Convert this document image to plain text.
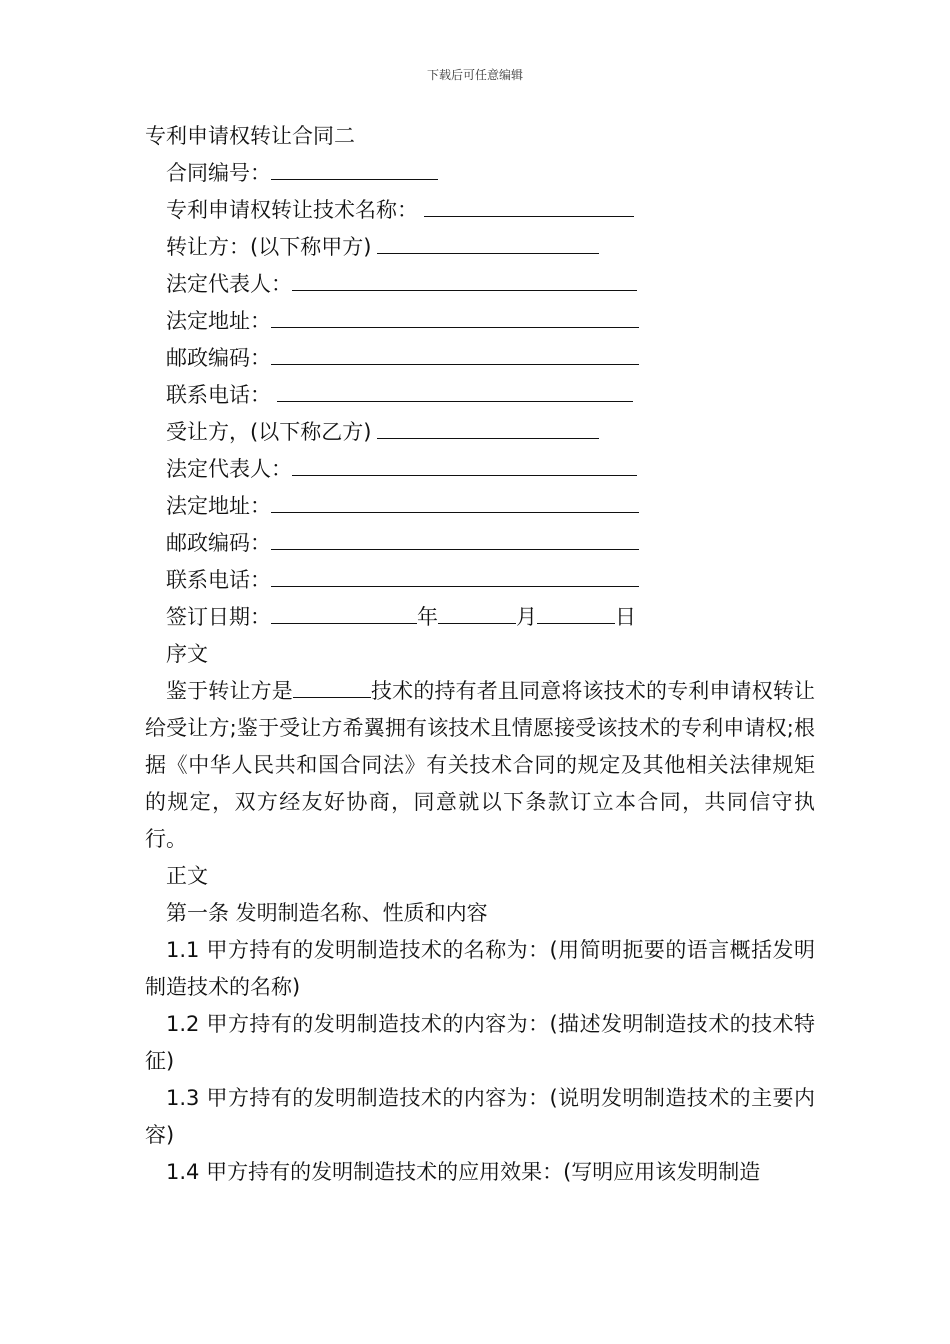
下载后可任意编辑
专利申请权转让合同二
合同编号：
专利申请权转让技术名称：
转让方：(以下称甲方)
法定代表人：
法定地址：
邮政编码：
联系电话：
受让方，(以下称乙方)
法定代表人：
法定地址：
邮政编码：
联系电话：
签订日期：	年	月	日
序文
鉴于转让方是	技术的持有者且同意将该技术的专利申请权转让给受让方;鉴于受让方希翼拥有该技术且情愿接受该技术的专利申请权;根据《中华人民共和国合同法》有关技术合同的规定及其他相关法律规矩的规定，双方经友好协商，同意就以下条款订立本合同，共同信守执行。
正文
第一条 发明制造名称、性质和内容
1.1 甲方持有的发明制造技术的名称为：(用简明扼要的语言概括发明制造技术的名称)
1.2 甲方持有的发明制造技术的内容为：(描述发明制造技术的技术特征)
1.3 甲方持有的发明制造技术的内容为：(说明发明制造技术的主要内容)
1.4 甲方持有的发明制造技术的应用效果：(写明应用该发明制造
